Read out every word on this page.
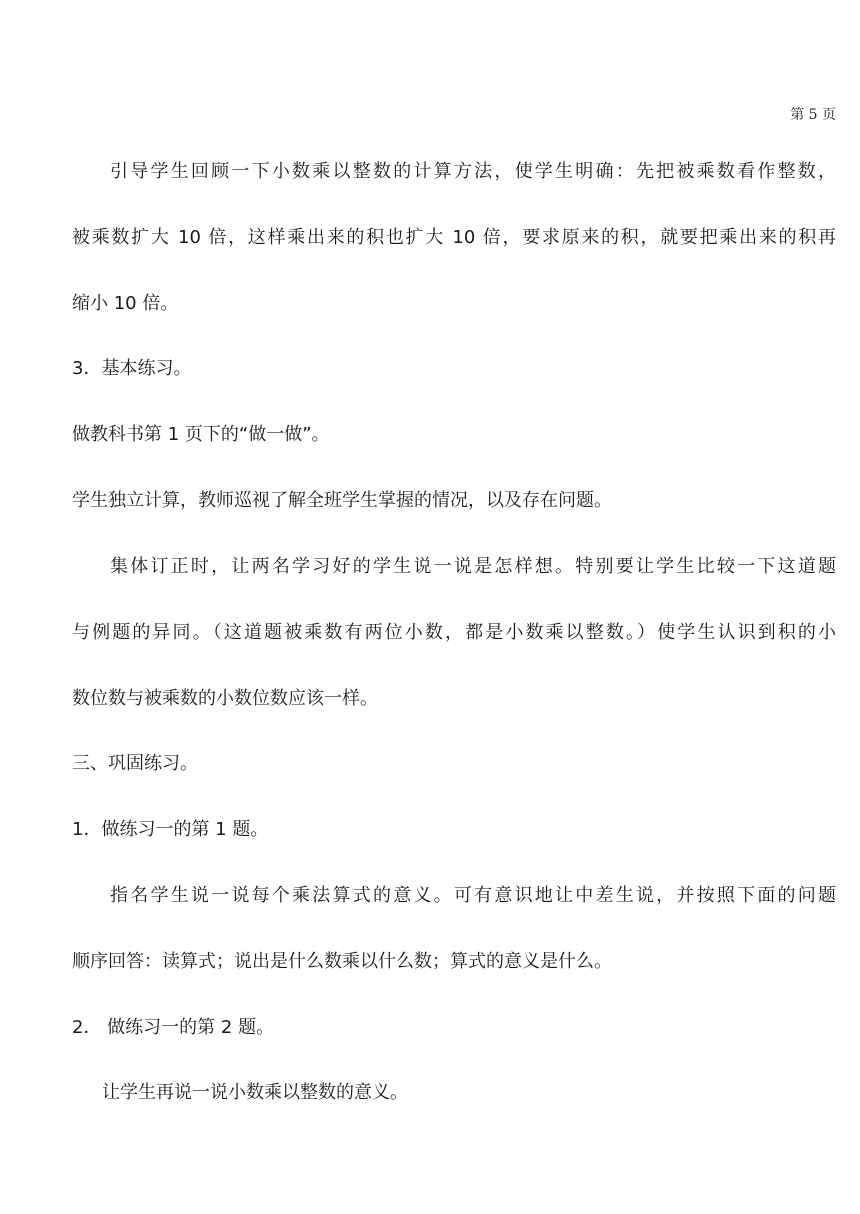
第 5 页
引导学生回顾一下小数乘以整数的计算方法，使学生明确：先把被乘数看作整数，
被乘数扩大 10 倍，这样乘出来的积也扩大 10 倍，要求原来的积，就要把乘出来的积再
缩小 10 倍。
3．基本练习。
做教科书第 1 页下的“做一做”。
学生独立计算，教师巡视了解全班学生掌握的情况，以及存在问题。
集体订正时，让两名学习好的学生说一说是怎样想。特别要让学生比较一下这道题
与例题的异同。（这道题被乘数有两位小数，都是小数乘以整数。）使学生认识到积的小
数位数与被乘数的小数位数应该一样。
三、巩固练习。
1．做练习一的第 1 题。
指名学生说一说每个乘法算式的意义。可有意识地让中差生说，并按照下面的问题
顺序回答：读算式；说出是什么数乘以什么数；算式的意义是什么。
2． 做练习一的第 2 题。
让学生再说一说小数乘以整数的意义。
